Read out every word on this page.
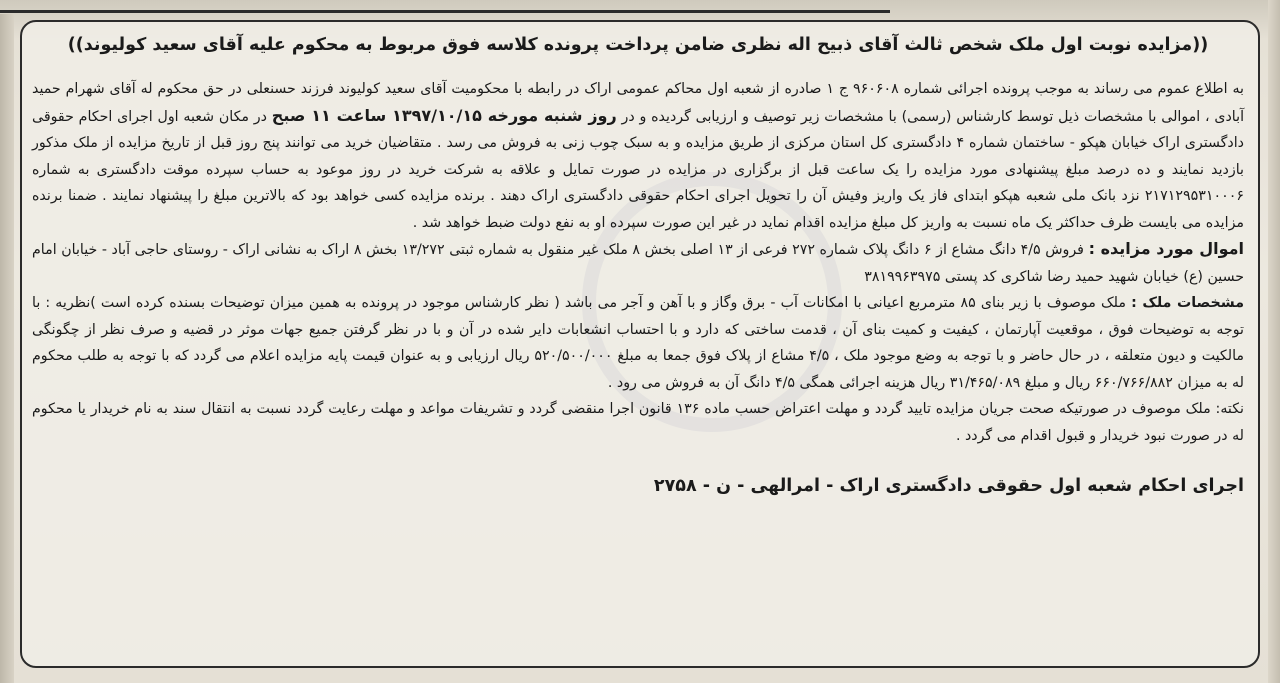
((مزایده نوبت اول ملک شخص ثالث آقای ذبیح اله نظری ضامن پرداخت پرونده کلاسه فوق مربوط به محکوم علیه آقای سعید کولیوند))

به اطلاع عموم می رساند به موجب پرونده اجرائی شماره ۹۶۰۶۰۸ ج ۱ صادره از شعبه اول محاکم عمومی اراک در رابطه با محکومیت آقای سعید کولیوند فرزند حسنعلی در حق محکوم له آقای شهرام حمید آبادی ، اموالی با مشخصات ذیل توسط کارشناس (رسمی) با مشخصات زیر توصیف و ارزیابی گردیده و در روز شنبه مورخه ۱۳۹۷/۱۰/۱۵ ساعت ۱۱ صبح در مکان شعبه اول اجرای احکام حقوقی دادگستری اراک خیابان هپکو - ساختمان شماره ۴ دادگستری کل استان مرکزی از طریق مزایده و به سبک چوب زنی به فروش می رسد . متقاضیان خرید می توانند پنج روز قبل از تاریخ مزایده از ملک مذکور بازدید نمایند و ده درصد مبلغ پیشنهادی مورد مزایده را یک ساعت قبل از برگزاری در مزایده در صورت تمایل و علاقه به شرکت خرید در روز موعود به حساب سپرده موقت دادگستری به شماره ۲۱۷۱۲۹۵۳۱۰۰۰۶ نزد بانک ملی شعبه هپکو ابتدای فاز یک واریز وفیش آن را تحویل اجرای احکام حقوقی دادگستری اراک دهند . برنده مزایده کسی خواهد بود که بالاترین مبلغ را پیشنهاد نمایند . ضمنا برنده مزایده می بایست ظرف حداکثر یک ماه نسبت به واریز کل مبلغ مزایده اقدام نماید در غیر این صورت سپرده او به نفع دولت ضبط خواهد شد .

اموال مورد مزایده : فروش ۴/۵ دانگ مشاع از ۶ دانگ پلاک شماره ۲۷۲ فرعی از ۱۳ اصلی بخش ۸ ملک غیر منقول به شماره ثبتی ۱۳/۲۷۲ بخش ۸ اراک به نشانی اراک - روستای حاجی آباد - خیابان امام حسین (ع) خیابان شهید حمید رضا شاکری کد پستی ۳۸۱۹۹۶۳۹۷۵

مشخصات ملک : ملک موصوف با زیر بنای ۸۵ مترمربع اعیانی با امکانات آب - برق وگاز و با آهن و آجر می باشد ( نظر کارشناس موجود در پرونده به همین میزان توضیحات بسنده کرده است )نظریه : با توجه به توضیحات فوق ، موقعیت آپارتمان ، کیفیت و کمیت بنای آن ، قدمت ساختی که دارد و با احتساب انشعابات دایر شده در آن و با در نظر گرفتن جمیع جهات موثر در قضیه و صرف نظر از چگونگی مالکیت و دیون متعلقه ، در حال حاضر و با توجه به وضع موجود ملک ، ۴/۵ مشاع از پلاک فوق جمعا به مبلغ ۵۲۰/۵۰۰/۰۰۰ ریال ارزیابی و به عنوان قیمت پایه مزایده اعلام می گردد که با توجه به طلب محکوم له به میزان ۶۶۰/۷۶۶/۸۸۲ ریال و مبلغ ۳۱/۴۶۵/۰۸۹ ریال هزینه اجرائی همگی ۴/۵ دانگ آن به فروش می رود .

نکته: ملک موصوف در صورتیکه صحت جریان مزایده تایید گردد و مهلت اعتراض حسب ماده ۱۳۶ قانون اجرا منقضی گردد و تشریفات مواعد و مهلت رعایت گردد نسبت به انتقال سند به نام خریدار یا محکوم له در صورت نبود خریدار و قبول اقدام می گردد .

اجرای احکام شعبه اول حقوقی دادگستری اراک - امرالهی - ن - ۲۷۵۸
